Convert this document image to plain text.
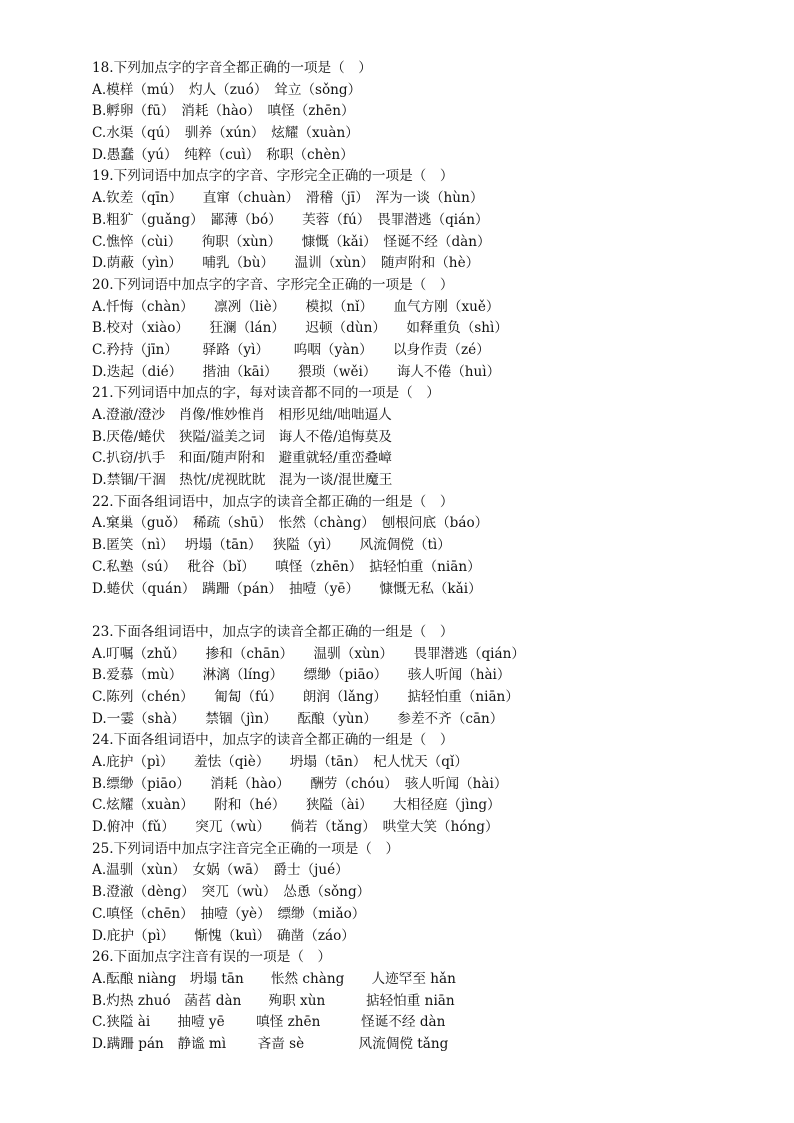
18.下列加点字的字音全都正确的一项是（　）
A.模样（mú）　灼人（zuó）　耸立（sǒng）
B.孵卵（fū）　消耗（hào）　嗔怪（zhēn）
C.水渠（qú）　驯养（xún）　炫耀（xuàn）
D.愚蠢（yú）　纯粹（cuì）　称职（chèn）
19.下列词语中加点字的字音、字形完全正确的一项是（　）
A.钦差（qīn）　　直窜（chuàn）　滑稽（jī）　浑为一谈（hùn）
B.粗犷（guǎng）　鄙薄（bó）　　芙蓉（fú）　畏罪潜逃（qián）
C.憔悴（cùi）　　徇职（xùn）　　慷慨（kǎi）　怪诞不经（dàn）
D.荫蔽（yìn）　　哺乳（bù）　　温训（xùn）　随声附和（hè）
20.下列词语中加点字的字音、字形完全正确的一项是（　）
A.忏悔（chàn）　　凛冽（liè）　　模拟（nǐ）　　血气方刚（xuě）
B.校对（xiào）　　狂澜（lán）　　迟顿（dùn）　　如释重负（shì）
C.矜持（jīn）　　 驿路（yì）　　 呜咽（yàn）　　以身作责（zé）
D.迭起（dié）　　揩油（kāi）　　猥琐（wěi）　　诲人不倦（huì）
21.下列词语中加点的字，每对读音都不同的一项是（　）
A.澄澈/澄沙　肖像/惟妙惟肖　相形见绌/咄咄逼人
B.厌倦/蜷伏　狭隘/溢美之词　诲人不倦/追悔莫及
C.扒窃/扒手　和面/随声附和　避重就轻/重峦叠嶂
D.禁锢/干涸　热忱/虎视眈眈　混为一谈/混世魔王
22.下面各组词语中，加点字的读音全都正确的一组是（　）
A.窠巢（guǒ）　稀疏（shū）　怅然（chàng）　刨根问底（báo）
B.匿笑（nì）　 坍塌（tān）　 狭隘（yì）　　风流倜傥（tì）
C.私塾（sú）　 秕谷（bǐ）　　嗔怪（zhēn）　掂轻怕重（niān）
D.蜷伏（quán）　蹒跚（pán）　抽噎（yē）　　慷慨无私（kǎi）
23.下面各组词语中，加点字的读音全都正确的一组是（　）
A.叮嘱（zhǔ）　　掺和（chān）　　温驯（xùn）　　畏罪潜逃（qián）
B.爱慕（mù）　　淋漓（líng）　　缥缈（piāo）　　骇人听闻（hài）
C.陈列（chén）　　匍匐（fú）　　朗润（lǎng）　　掂轻怕重（niān）
D.一霎（shà）　　禁锢（jìn）　　酝酿（yùn）　　参差不齐（cān）
24.下面各组词语中，加点字的读音全都正确的一组是（　）
A.庇护（pì）　　羞怯（qiè）　　坍塌（tān）　杞人忧天（qǐ）
B.缥缈（piāo）　　消耗（hào）　　酬劳（chóu）　骇人听闻（hài）
C.炫耀（xuàn）　　附和（hé）　　狭隘（ài）　　大相径庭（jìng）
D.俯冲（fǔ）　　突兀（wù）　　倘若（tǎng）　哄堂大笑（hóng）
25.下列词语中加点字注音完全正确的一项是（　）
A.温驯（xùn）　女娲（wā）　爵士（jué）
B.澄澈（dèng）　突兀（wù）　怂恿（sǒng）
C.嗔怪（chēn）　抽噎（yè）　缥缈（miǎo）
D.庇护（pì）　　惭愧（kuì）　确凿（záo）
26.下面加点字注音有误的一项是（　）
A.酝酿 niàng　坍塌 tān　　怅然 chàng　　人迹罕至 hǎn
B.灼热 zhuó　菡萏 dàn　　殉职 xùn　　　掂轻怕重 niān
C.狭隘 ài　　抽噎 yē　　 嗔怪 zhēn　　　怪诞不经 dàn
D.蹒跚 pán　静谧 mì　　 吝啬 sè　　　　风流倜傥 tǎng
